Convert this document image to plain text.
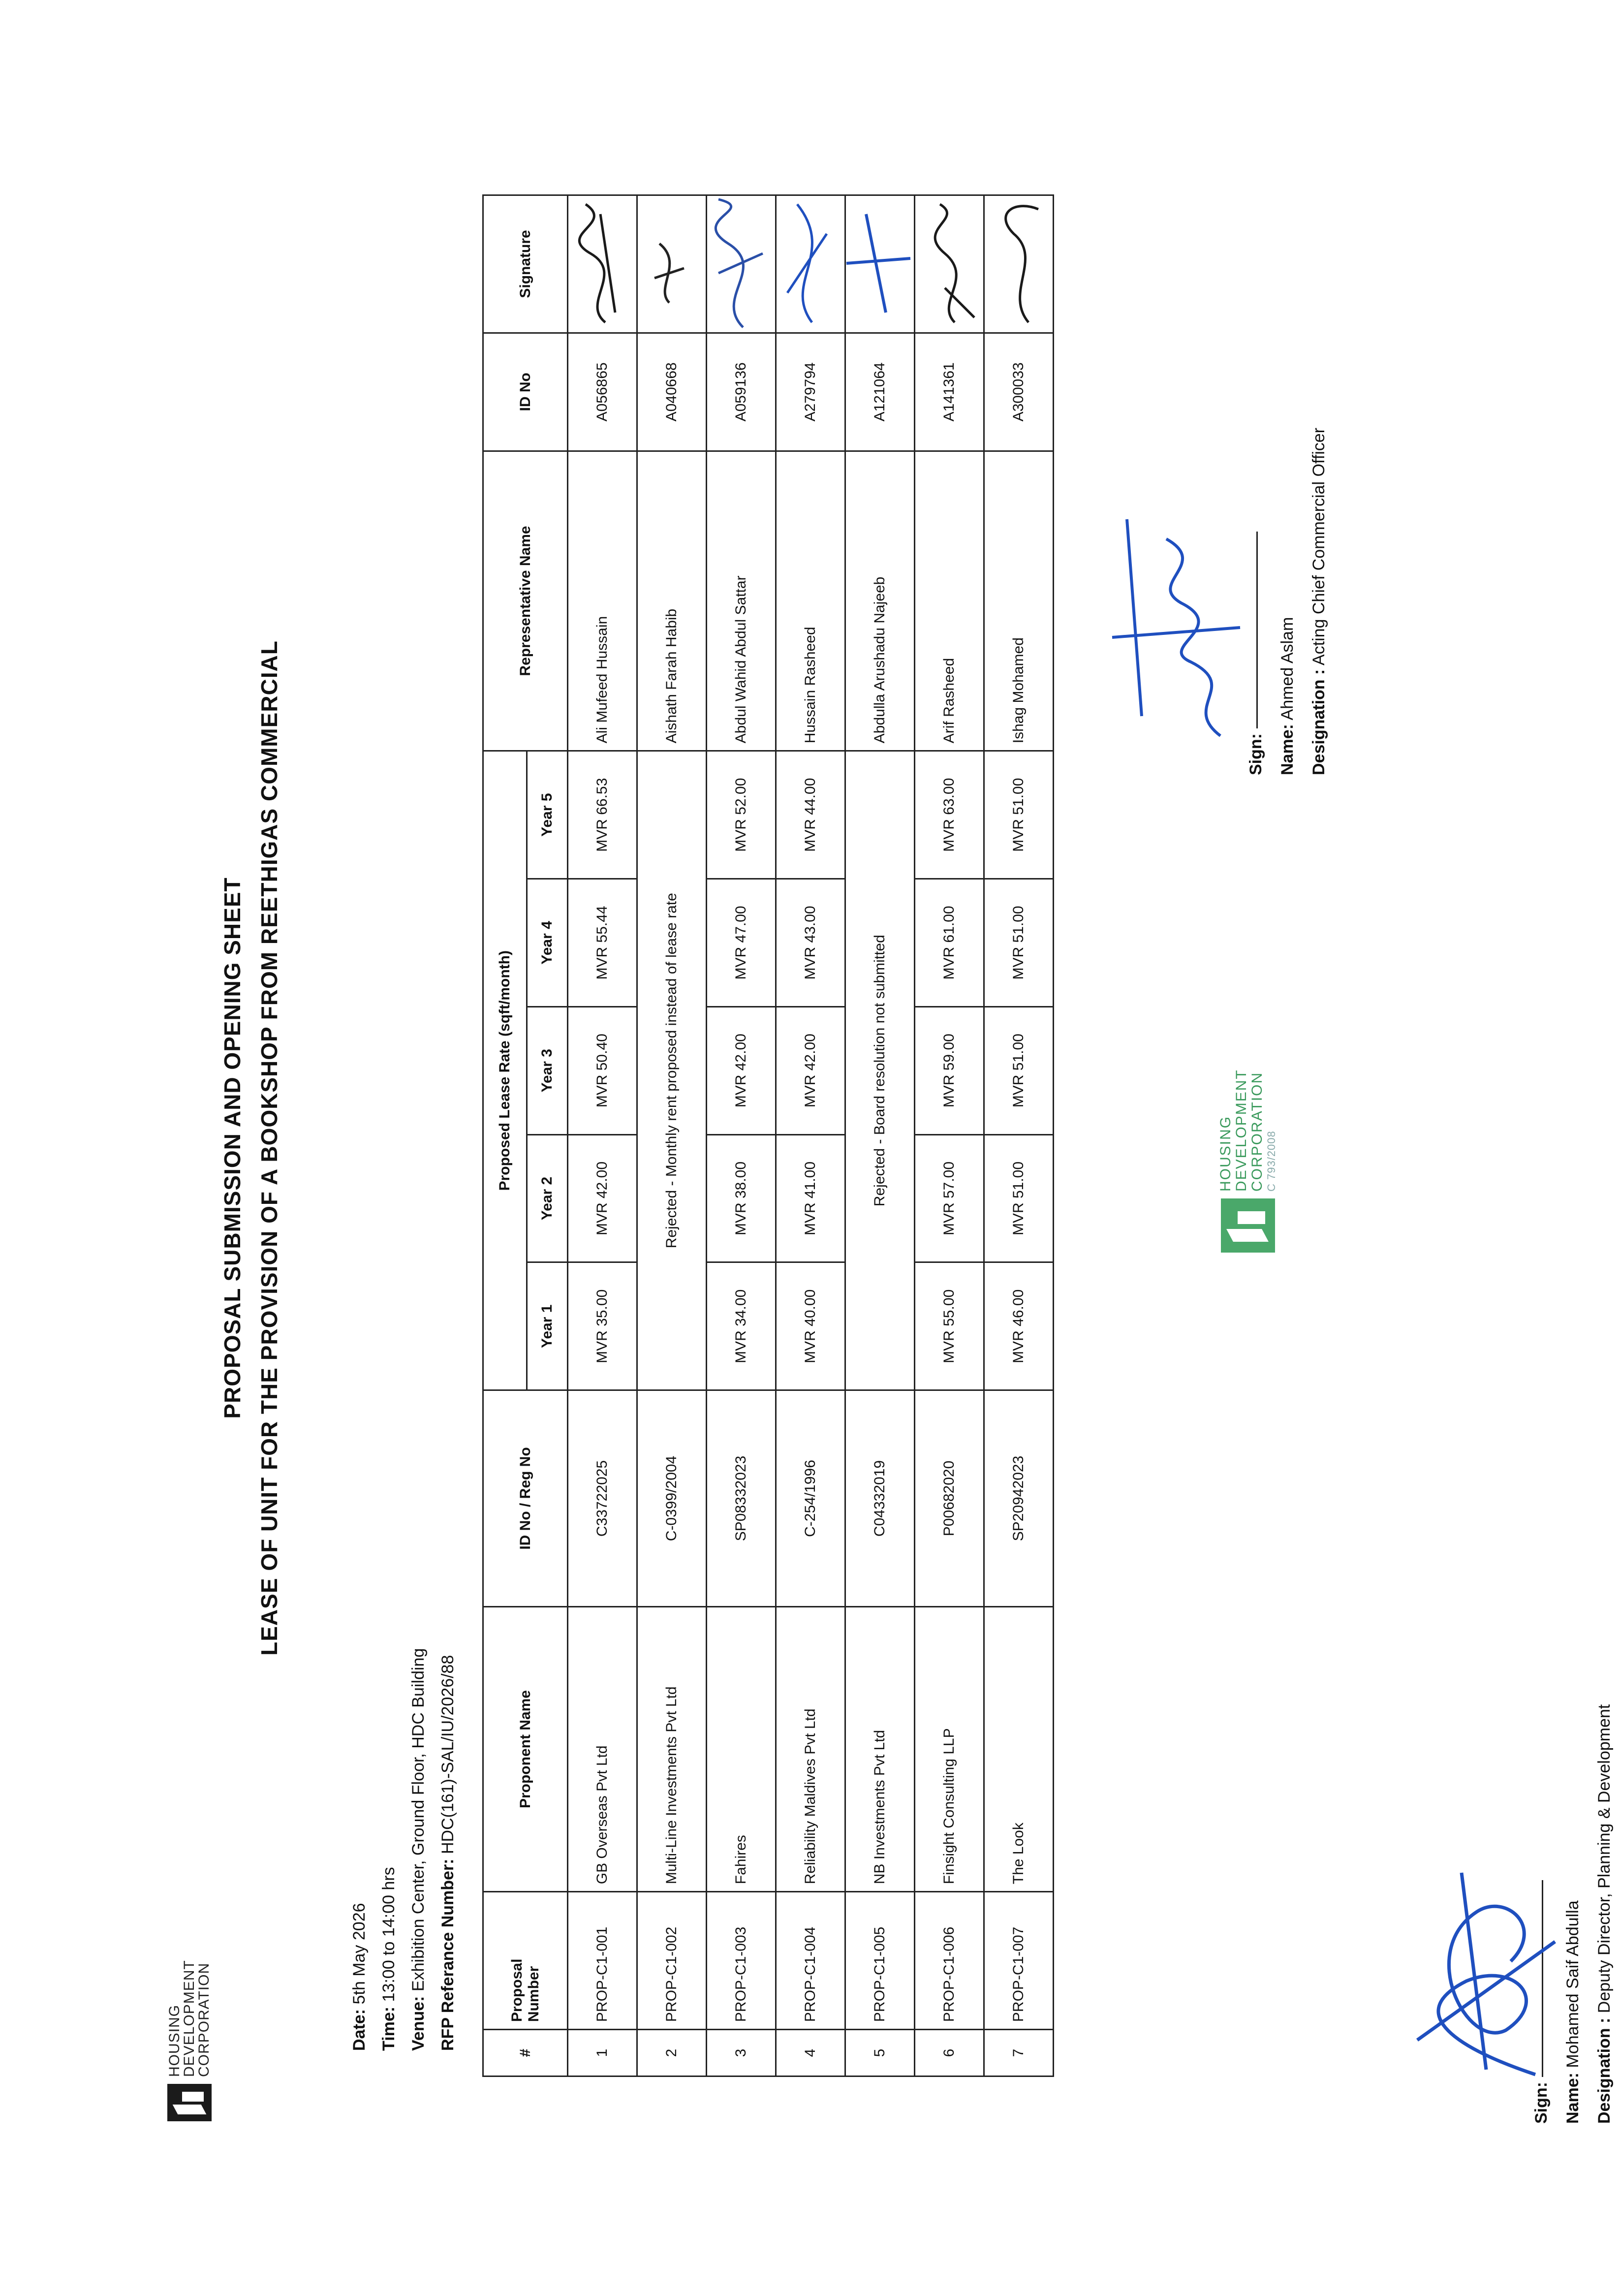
HOUSING
DEVELOPMENT
CORPORATION
PROPOSAL SUBMISSION AND OPENING SHEET LEASE OF UNIT FOR THE PROVISION OF A BOOKSHOP FROM REETHIGAS COMMERCIAL
Date: 5th May 2026
Time: 13:00 to 14:00 hrs
Venue: Exhibition Center, Ground Floor, HDC Building RFP Referance Number: HDC(161)-SAL/IU/2026/88
#	Proposal Number	Proponent Name	ID No / Reg No	Proposed Lease Rate (sqft/month)					Representative Name	ID No	Signature
				Year 1	Year 2	Year 3	Year 4	Year 5			
1	PROP-C1-001	GB Overseas Pvt Ltd	C33722025	MVR 35.00	MVR 42.00	MVR 50.40	MVR 55.44	MVR 66.53	Ali Mufeed Hussain	A056865	
2	PROP-C1-002	Multi-Line Investments Pvt Ltd	C-0399/2004	Rejected - Monthly rent proposed instead of lease rate					Aishath Farah Habib	A040668	
3	PROP-C1-003	Fahires	SP08332023	MVR 34.00	MVR 38.00	MVR 42.00	MVR 47.00	MVR 52.00	Abdul Wahid Abdul Sattar	A059136	
4	PROP-C1-004	Reliability Maldives Pvt Ltd	C-254/1996	MVR 40.00	MVR 41.00	MVR 42.00	MVR 43.00	MVR 44.00	Hussain Rasheed	A279794	
5	PROP-C1-005	NB Investments Pvt Ltd	C04332019	Rejected - Board resolution not submitted					Abdulla Arushadu Najeeb	A121064	
6	PROP-C1-006	Finsight Consulting LLP	P00682020	MVR 55.00	MVR 57.00	MVR 59.00	MVR 61.00	MVR 63.00	Arif Rasheed	A141361	
7	PROP-C1-007	The Look	SP20942023	MVR 46.00	MVR 51.00	MVR 51.00	MVR 51.00	MVR 51.00	Ishag Mohamed	A300033	
Sign: Name: Mohamed Saif Abdulla
Designation : Deputy Director, Planning & Development
Sign: Name: Ahmed Aslam
Designation : Acting Chief Commercial Officer
HOUSING DEVELOPMENT CORPORATION C 793/2008
